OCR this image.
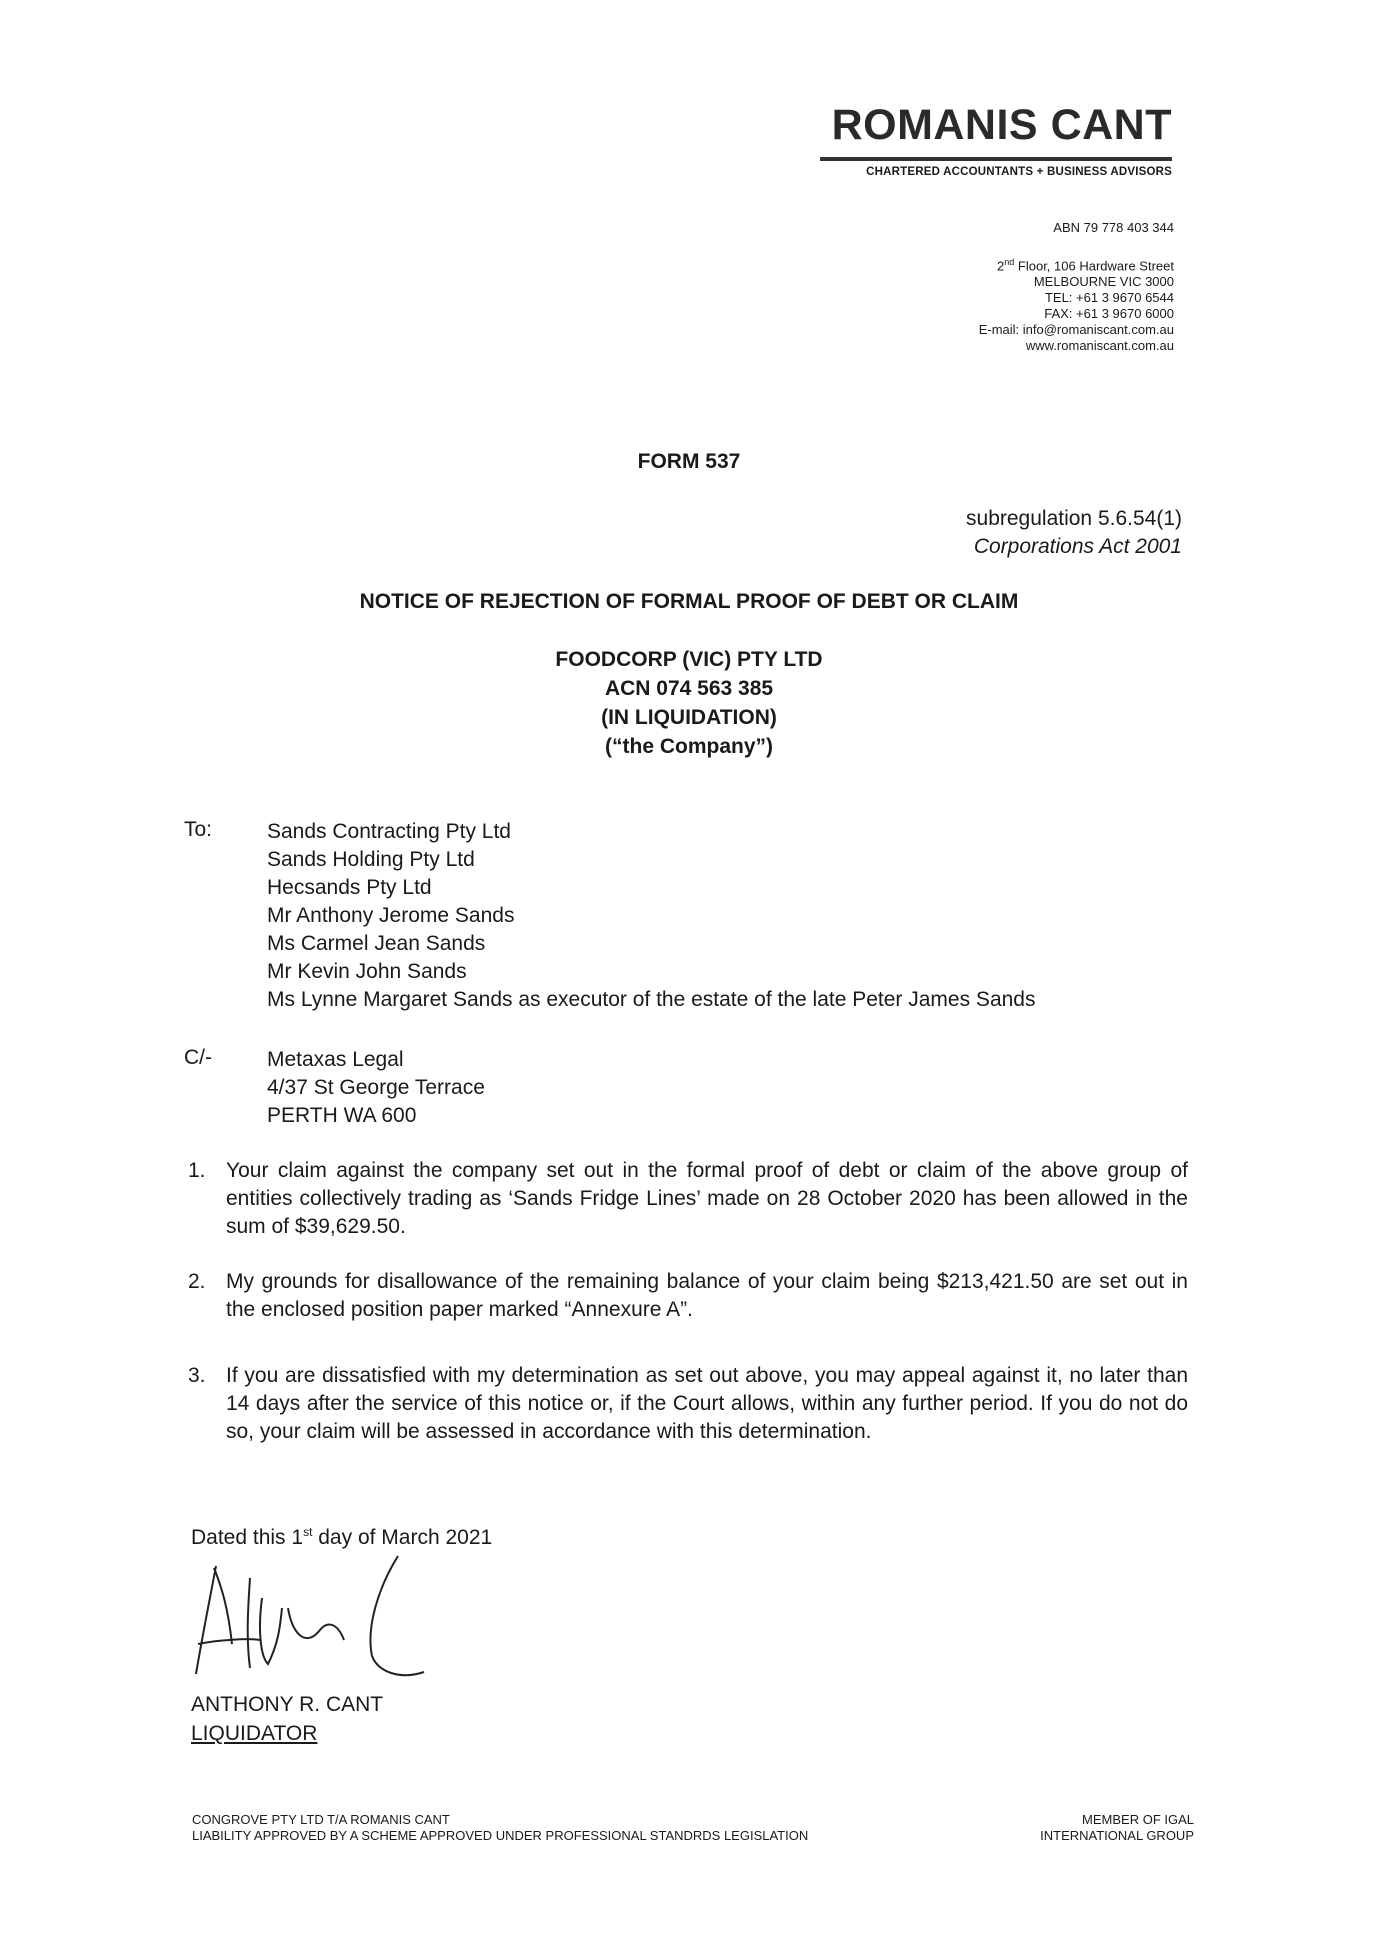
ROMANIS CANT
CHARTERED ACCOUNTANTS + BUSINESS ADVISORS
ABN 79 778 403 344
2nd Floor, 106 Hardware Street
MELBOURNE VIC 3000
TEL: +61 3 9670 6544
FAX: +61 3 9670 6000
E-mail: info@romaniscant.com.au
www.romaniscant.com.au
FORM 537
subregulation 5.6.54(1)
Corporations Act 2001
NOTICE OF REJECTION OF FORMAL PROOF OF DEBT OR CLAIM
FOODCORP (VIC) PTY LTD
ACN 074 563 385
(IN LIQUIDATION)
(“the Company”)
To:	Sands Contracting Pty Ltd
Sands Holding Pty Ltd
Hecsands Pty Ltd
Mr Anthony Jerome Sands
Ms Carmel Jean Sands
Mr Kevin John Sands
Ms Lynne Margaret Sands as executor of the estate of the late Peter James Sands
C/-	Metaxas Legal
4/37 St George Terrace
PERTH WA 600
1. Your claim against the company set out in the formal proof of debt or claim of the above group of entities collectively trading as ‘Sands Fridge Lines’ made on 28 October 2020 has been allowed in the sum of $39,629.50.
2. My grounds for disallowance of the remaining balance of your claim being $213,421.50 are set out in the enclosed position paper marked “Annexure A”.
3. If you are dissatisfied with my determination as set out above, you may appeal against it, no later than 14 days after the service of this notice or, if the Court allows, within any further period. If you do not do so, your claim will be assessed in accordance with this determination.
Dated this 1st day of March 2021
ANTHONY R. CANT
LIQUIDATOR
CONGROVE PTY LTD T/A ROMANIS CANT
LIABILITY APPROVED BY A SCHEME APPROVED UNDER PROFESSIONAL STANDRDS LEGISLATION
MEMBER OF IGAL
INTERNATIONAL GROUP
